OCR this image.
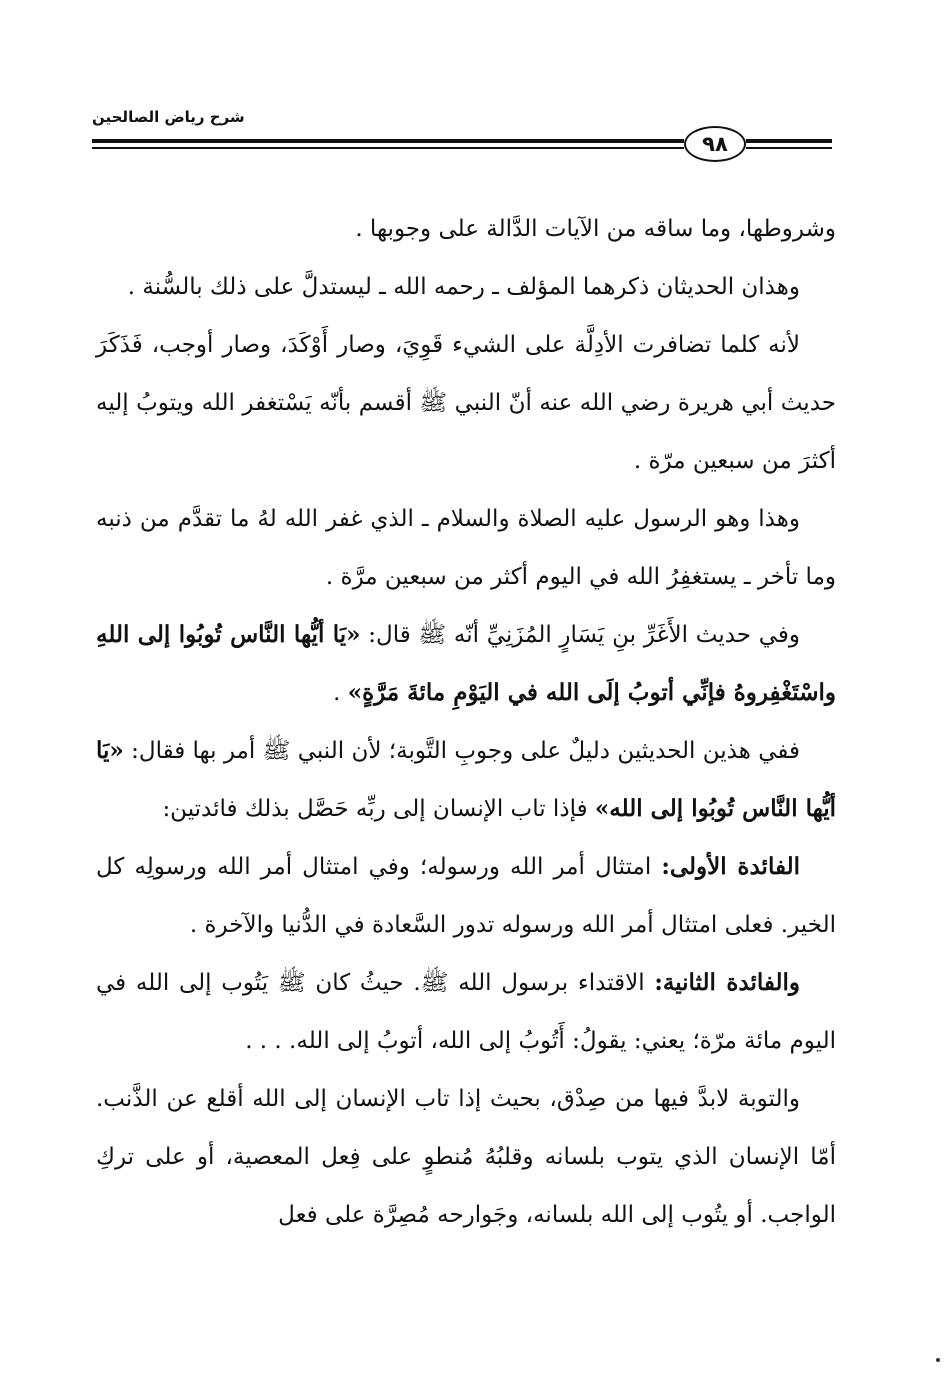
شرح رياض الصالحين
٩٨

وشروطها، وما ساقه من الآيات الدَّالة على وجوبها .

وهذان الحديثان ذكرهما المؤلف ـ رحمه الله ـ ليستدلَّ على ذلك بالسُّنة .

لأنه كلما تضافرت الأدِلَّة على الشيء قَوِيَ، وصار أَوْكَدَ، وصار أوجب، فَذَكَرَ حديث أبي هريرة رضي الله عنه أنّ النبي ﷺ أقسم بأنّه يَسْتغفر الله ويتوبُ إليه أكثرَ من سبعين مرّة .

وهذا وهو الرسول عليه الصلاة والسلام ـ الذي غفر الله لهُ ما تقدَّم من ذنبه وما تأخر ـ يستغفِرُ الله في اليوم أكثر من سبعين مرَّة .

وفي حديث الأَغَرِّ بنِ يَسَارٍ المُزَنِيِّ أنّه ﷺ قال: «يَا أيُّها النَّاس تُوبُوا إلى اللهِ واسْتَغْفِروهُ فإنِّي أتوبُ إلَى الله في اليَوْمِ مائةَ مَرَّةٍ» .

ففي هذين الحديثين دليلٌ على وجوبِ التَّوبة؛ لأن النبي ﷺ أمر بها فقال: «يَا أيُّها النَّاس تُوبُوا إلى الله» فإذا تاب الإنسان إلى ربِّه حَصَّل بذلك فائدتين:

الفائدة الأولى: امتثال أمر الله ورسوله؛ وفي امتثال أمر الله ورسولِه كل الخير. فعلى امتثال أمر الله ورسوله تدور السَّعادة في الدُّنيا والآخرة .

والفائدة الثانية: الاقتداء برسول الله ﷺ. حيثُ كان ﷺ يَتُوب إلى الله في اليوم مائة مرّة؛ يعني: يقولُ: أَتُوبُ إلى الله، أتوبُ إلى الله. . . .

والتوبة لابدَّ فيها من صِدْق، بحيث إذا تاب الإنسان إلى الله أقلع عن الذَّنب. أمّا الإنسان الذي يتوب بلسانه وقلبُهُ مُنطوٍ على فِعل المعصية، أو على تركِ الواجب. أو يتُوب إلى الله بلسانه، وجَوارحه مُصِرَّة على فعل
